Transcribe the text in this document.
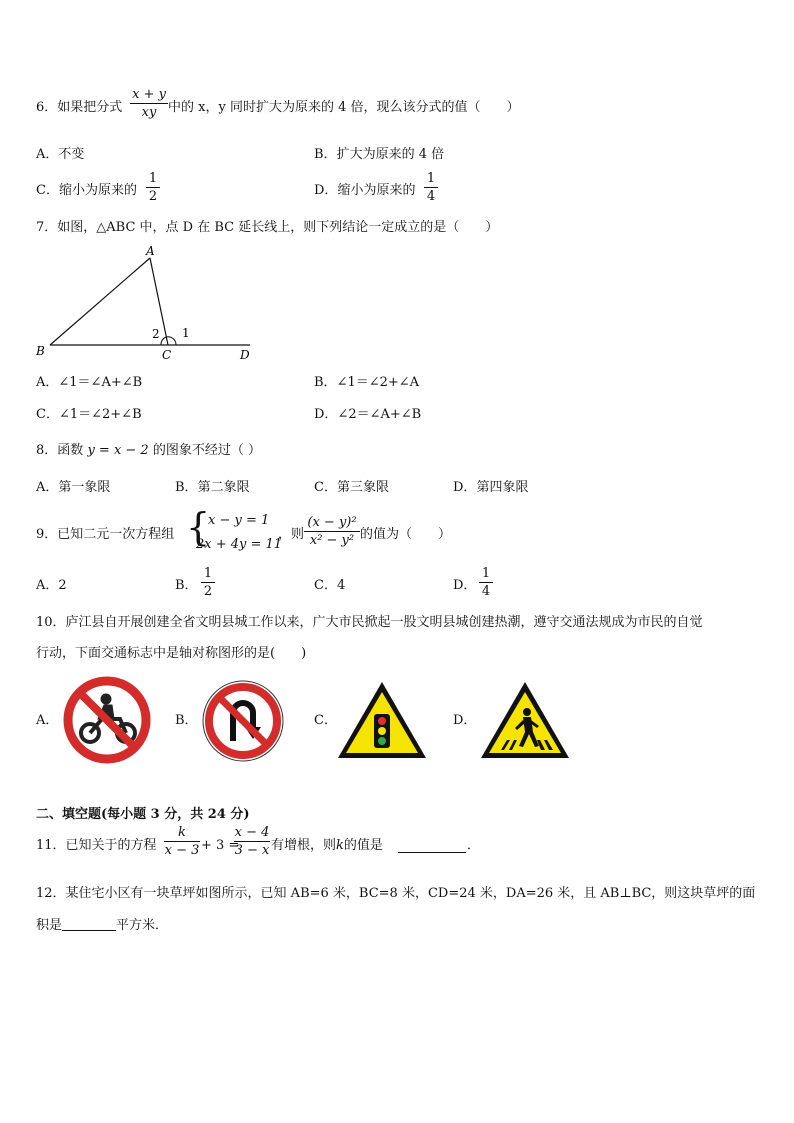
6．如果把分式
x + y
xy 中的 x，y 同时扩大为原来的 4 倍，现么该分式的值（　　）
A．不变	B．扩大为原来的 4 倍
C．缩小为原来的
1
2	D．缩小为原来的
1
4
7．如图，△ABC 中，点 D 在 BC 延长线上，则下列结论一定成立的是（　　）
A
B	C	D
2 1
A．∠1＝∠A+∠B	B．∠1＝∠2+∠A
C．∠1＝∠2+∠B	D．∠2＝∠A+∠B
8．函数 y = x − 2 的图象不经过（ ）
A．第一象限	B．第二象限	C．第三象限	D．第四象限
9．已知二元一次方程组 {
x − y = 1
2x + 4y = 11
，则
(x − y)²
x² − y² 的值为（　　）
A．2	B．
1
2	C．4	D．
1
4
10．庐江县自开展创建全省文明县城工作以来，广大市民掀起一股文明县城创建热潮，遵守交通法规成为市民的自觉
行动，下面交通标志中是轴对称图形的是(　　)
A．	B．	C．	D．
二、填空题(每小题 3 分，共 24 分)
11．已知关于的方程
k
x − 3 + 3 =
x − 4
3 − x 有增根，则k的值是	．
12．某住宅小区有一块草坪如图所示，已知 AB=6 米，BC=8 米，CD=24 米，DA=26 米，且 AB⊥BC，则这块草坪的面
积是	平方米．
